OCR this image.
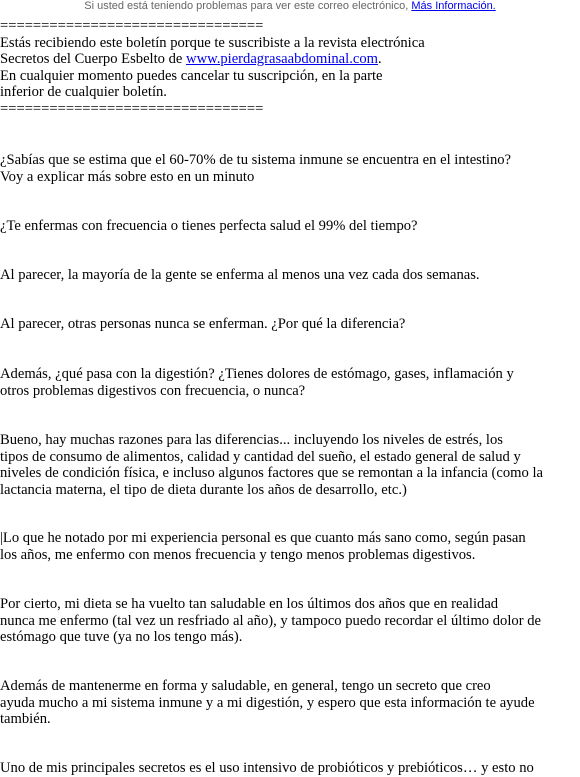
Si usted está teniendo problemas para ver este correo electrónico, Más Información.
================================
Estás recibiendo este boletín porque te suscribiste a la revista electrónica
Secretos del Cuerpo Esbelto de www.pierdagrasaabdominal.com.
En cualquier momento puedes cancelar tu suscripción, en la parte
inferior de cualquier boletín.
================================
¿Sabías que se estima que el 60-70% de tu sistema inmune se encuentra en el intestino?
Voy a explicar más sobre esto en un minuto
¿Te enfermas con frecuencia o tienes perfecta salud el 99% del tiempo?
Al parecer, la mayoría de la gente se enferma al menos una vez cada dos semanas.
Al parecer, otras personas nunca se enferman. ¿Por qué la diferencia?
Además, ¿qué pasa con la digestión? ¿Tienes dolores de estómago, gases, inflamación y
otros problemas digestivos con frecuencia, o nunca?
Bueno, hay muchas razones para las diferencias... incluyendo los niveles de estrés, los
tipos de consumo de alimentos, calidad y cantidad del sueño, el estado general de salud y
niveles de condición física, e incluso algunos factores que se remontan a la infancia (como la
lactancia materna, el tipo de dieta durante los años de desarrollo, etc.)
|Lo que he notado por mi experiencia personal es que cuanto más sano como, según pasan
los años, me enfermo con menos frecuencia y tengo menos problemas digestivos.
Por cierto, mi dieta se ha vuelto tan saludable en los últimos dos años que en realidad
nunca me enfermo (tal vez un resfriado al año), y tampoco puedo recordar el último dolor de
estómago que tuve (ya no los tengo más).
Además de mantenerme en forma y saludable, en general, tengo un secreto que creo
ayuda mucho a mi sistema inmune y a mi digestión, y espero que esta información te ayude
también.
Uno de mis principales secretos es el uso intensivo de probióticos y prebióticos… y esto no
